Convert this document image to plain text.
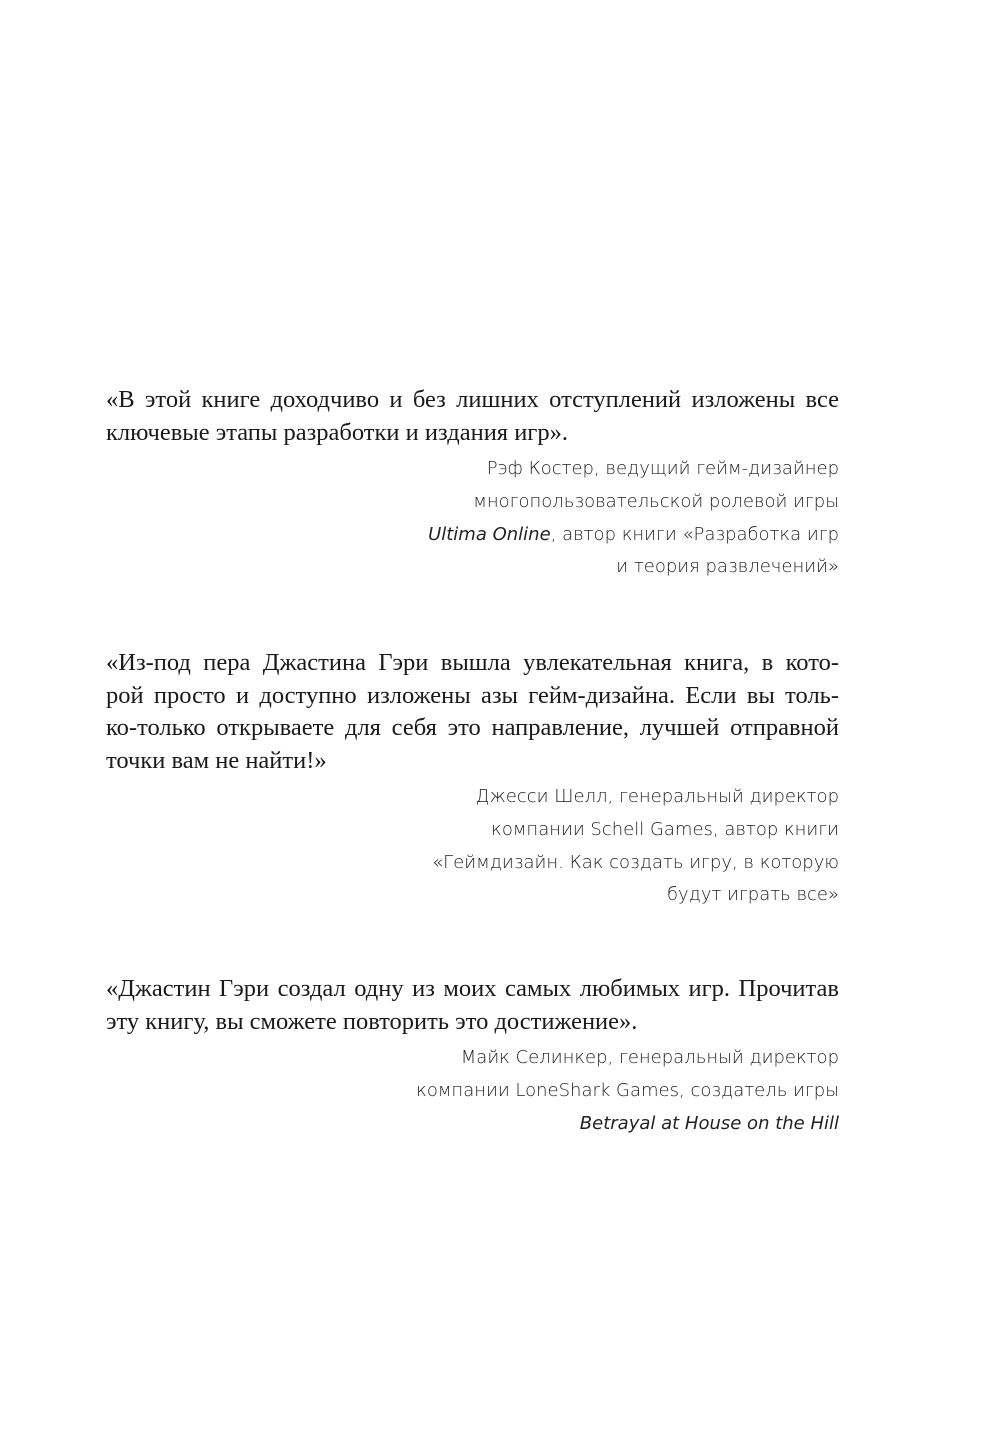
«В этой книге доходчиво и без лишних отступлений изложены все
ключевые этапы разработки и издания игр».
Рэф Костер, ведущий гейм-дизайнер
многопользовательской ролевой игры
Ultima Online, автор книги «Разработка игр
и теория развлечений»
«Из-под пера Джастина Гэри вышла увлекательная книга, в кото-
рой просто и доступно изложены азы гейм-дизайна. Если вы толь-
ко-только открываете для себя это направление, лучшей отправной
точки вам не найти!»
Джесси Шелл, генеральный директор
компании Schell Games, автор книги
«Геймдизайн. Как создать игру, в которую
будут играть все»
«Джастин Гэри создал одну из моих самых любимых игр. Прочитав
эту книгу, вы сможете повторить это достижение».
Майк Селинкер, генеральный директор
компании LoneShark Games, создатель игры
Betrayal at House on the Hill
